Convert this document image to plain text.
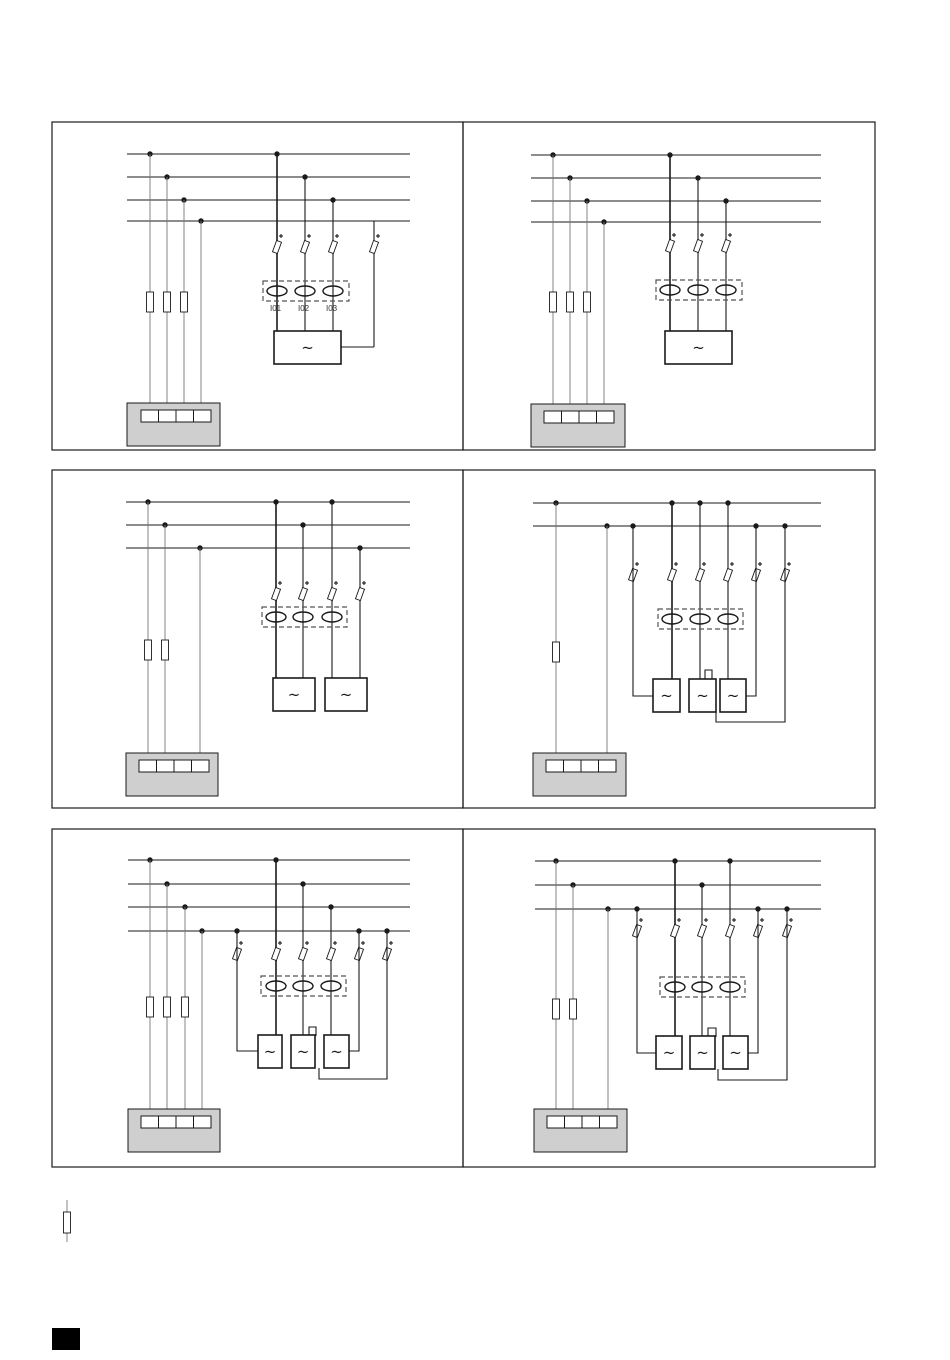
I01 I02 I03
~	~
~	~	~ ~ ~
~ ~ ~	~ ~ ~
